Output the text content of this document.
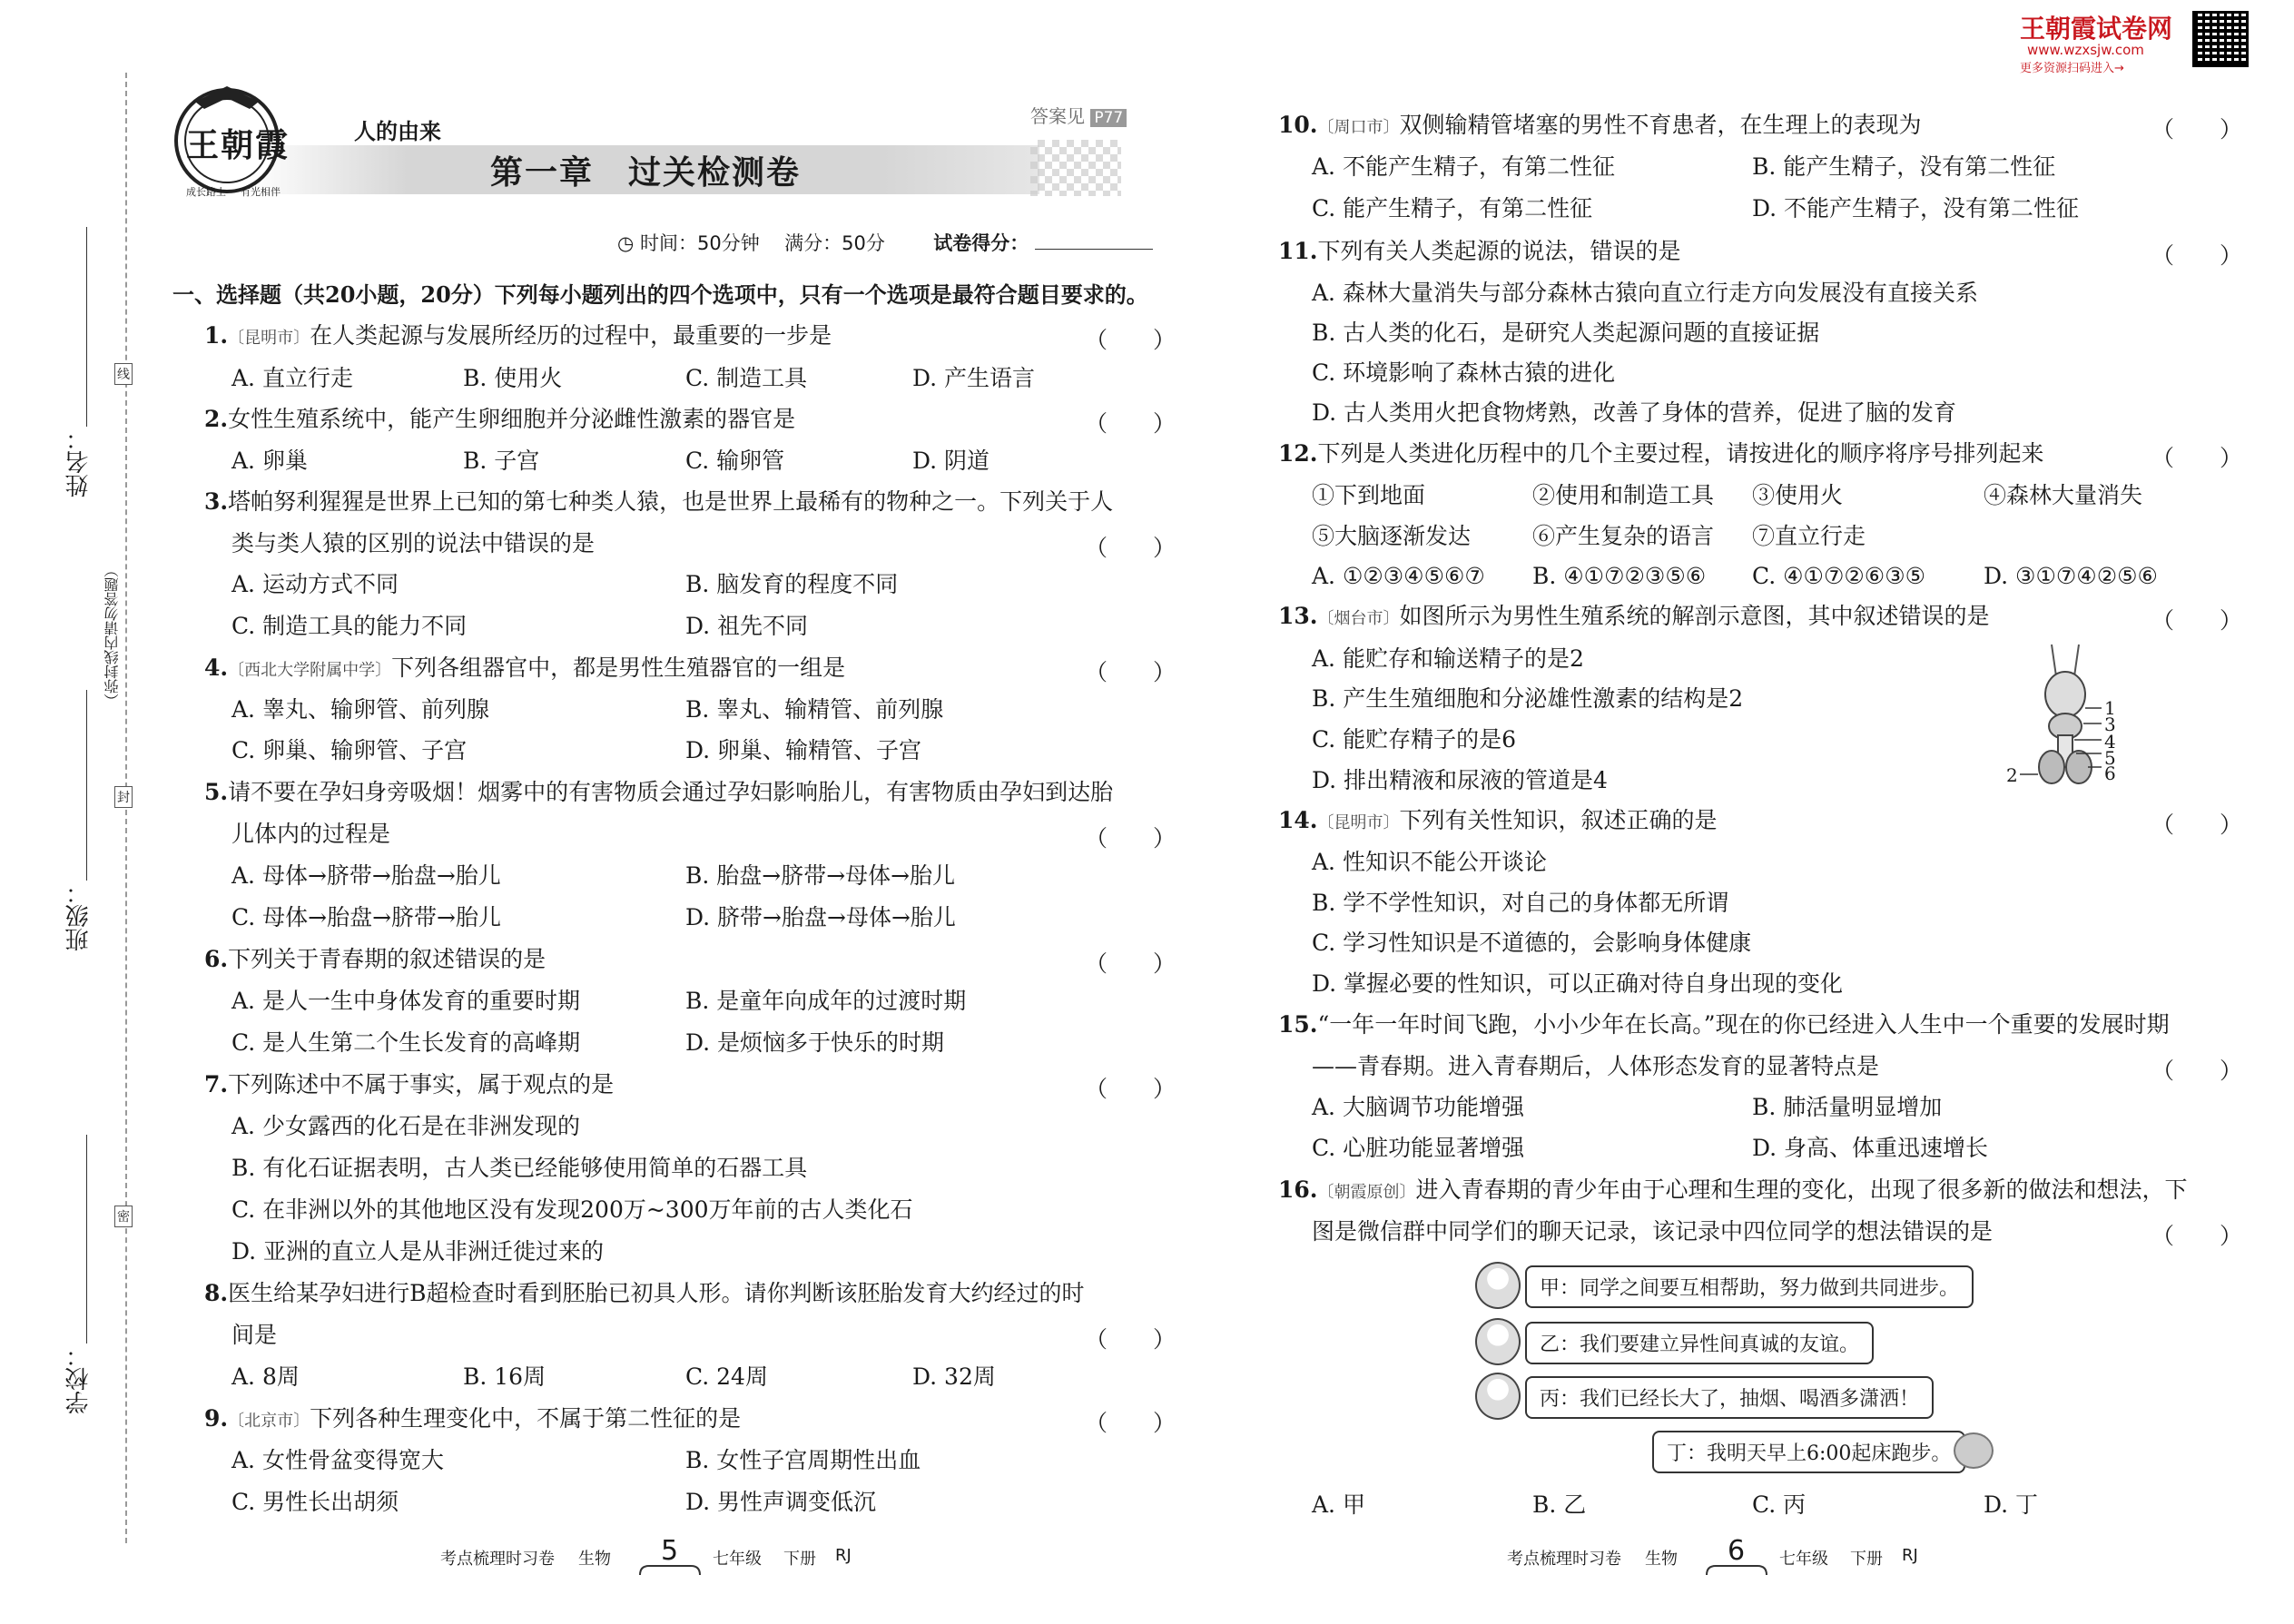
姓名：
班级：
学校：
（弥封线内请勿答题）
线
封
密
王朝霞
成长路上 有光相伴
人的由来
答案见 P77
第一章　过关检测卷
◷ 时间：50分钟 满分：50分	试卷得分：
一、选择题（共20小题，20分）下列每小题列出的四个选项中，只有一个选项是最符合题目要求的。
1.〔昆明市〕在人类起源与发展所经历的过程中，最重要的一步是	（　　）
A. 直立行走	B. 使用火	C. 制造工具	D. 产生语言
2.女性生殖系统中，能产生卵细胞并分泌雌性激素的器官是	（　　）
A. 卵巢	B. 子宫	C. 输卵管	D. 阴道
3.塔帕努利猩猩是世界上已知的第七种类人猿，也是世界上最稀有的物种之一。下列关于人
类与类人猿的区别的说法中错误的是	（　　）
A. 运动方式不同	B. 脑发育的程度不同
C. 制造工具的能力不同	D. 祖先不同
4.〔西北大学附属中学〕下列各组器官中，都是男性生殖器官的一组是	（　　）
A. 睾丸、输卵管、前列腺	B. 睾丸、输精管、前列腺
C. 卵巢、输卵管、子宫	D. 卵巢、输精管、子宫
5.请不要在孕妇身旁吸烟！烟雾中的有害物质会通过孕妇影响胎儿，有害物质由孕妇到达胎
儿体内的过程是	（　　）
A. 母体→脐带→胎盘→胎儿	B. 胎盘→脐带→母体→胎儿
C. 母体→胎盘→脐带→胎儿	D. 脐带→胎盘→母体→胎儿
6.下列关于青春期的叙述错误的是	（　　）
A. 是人一生中身体发育的重要时期	B. 是童年向成年的过渡时期
C. 是人生第二个生长发育的高峰期	D. 是烦恼多于快乐的时期
7.下列陈述中不属于事实，属于观点的是	（　　）
A. 少女露西的化石是在非洲发现的
B. 有化石证据表明，古人类已经能够使用简单的石器工具
C. 在非洲以外的其他地区没有发现200万~300万年前的古人类化石
D. 亚洲的直立人是从非洲迁徙过来的
8.医生给某孕妇进行B超检查时看到胚胎已初具人形。请你判断该胚胎发育大约经过的时
间是	（　　）
A. 8周	B. 16周	C. 24周	D. 32周
9.〔北京市〕下列各种生理变化中，不属于第二性征的是	（　　）
A. 女性骨盆变得宽大	B. 女性子宫周期性出血
C. 男性长出胡须	D. 男性声调变低沉
考点梳理时习卷 生物 5 七年级 下册 RJ
王朝霞试卷网
www.wzxsjw.com
更多资源扫码进入→
10.〔周口市〕双侧输精管堵塞的男性不育患者，在生理上的表现为	（　　）
A. 不能产生精子，有第二性征	B. 能产生精子，没有第二性征
C. 能产生精子，有第二性征	D. 不能产生精子，没有第二性征
11.下列有关人类起源的说法，错误的是	（　　）
A. 森林大量消失与部分森林古猿向直立行走方向发展没有直接关系
B. 古人类的化石，是研究人类起源问题的直接证据
C. 环境影响了森林古猿的进化
D. 古人类用火把食物烤熟，改善了身体的营养，促进了脑的发育
12.下列是人类进化历程中的几个主要过程，请按进化的顺序将序号排列起来	（　　）
①下到地面	②使用和制造工具 ③使用火	④森林大量消失
⑤大脑逐渐发达	⑥产生复杂的语言 ⑦直立行走
A. ①②③④⑤⑥⑦ B. ④①⑦②③⑤⑥ C. ④①⑦②⑥③⑤	D. ③①⑦④②⑤⑥
13.〔烟台市〕如图所示为男性生殖系统的解剖示意图，其中叙述错误的是	（　　）
A. 能贮存和输送精子的是2
B. 产生生殖细胞和分泌雄性激素的结构是2
C. 能贮存精子的是6
D. 排出精液和尿液的管道是4
1
3
4
5
6
2
14.〔昆明市〕下列有关性知识，叙述正确的是	（　　）
A. 性知识不能公开谈论
B. 学不学性知识，对自己的身体都无所谓
C. 学习性知识是不道德的，会影响身体健康
D. 掌握必要的性知识，可以正确对待自身出现的变化
15.“一年一年时间飞跑，小小少年在长高。”现在的你已经进入人生中一个重要的发展时期
——青春期。进入青春期后，人体形态发育的显著特点是	（　　）
A. 大脑调节功能增强	B. 肺活量明显增加
C. 心脏功能显著增强	D. 身高、体重迅速增长
16.〔朝霞原创〕进入青春期的青少年由于心理和生理的变化，出现了很多新的做法和想法，下
图是微信群中同学们的聊天记录，该记录中四位同学的想法错误的是	（　　）
甲：同学之间要互相帮助，努力做到共同进步。
乙：我们要建立异性间真诚的友谊。
丙：我们已经长大了，抽烟、喝酒多潇洒！
丁：我明天早上6:00起床跑步。
A. 甲	B. 乙	C. 丙	D. 丁
考点梳理时习卷 生物 6 七年级 下册 RJ
